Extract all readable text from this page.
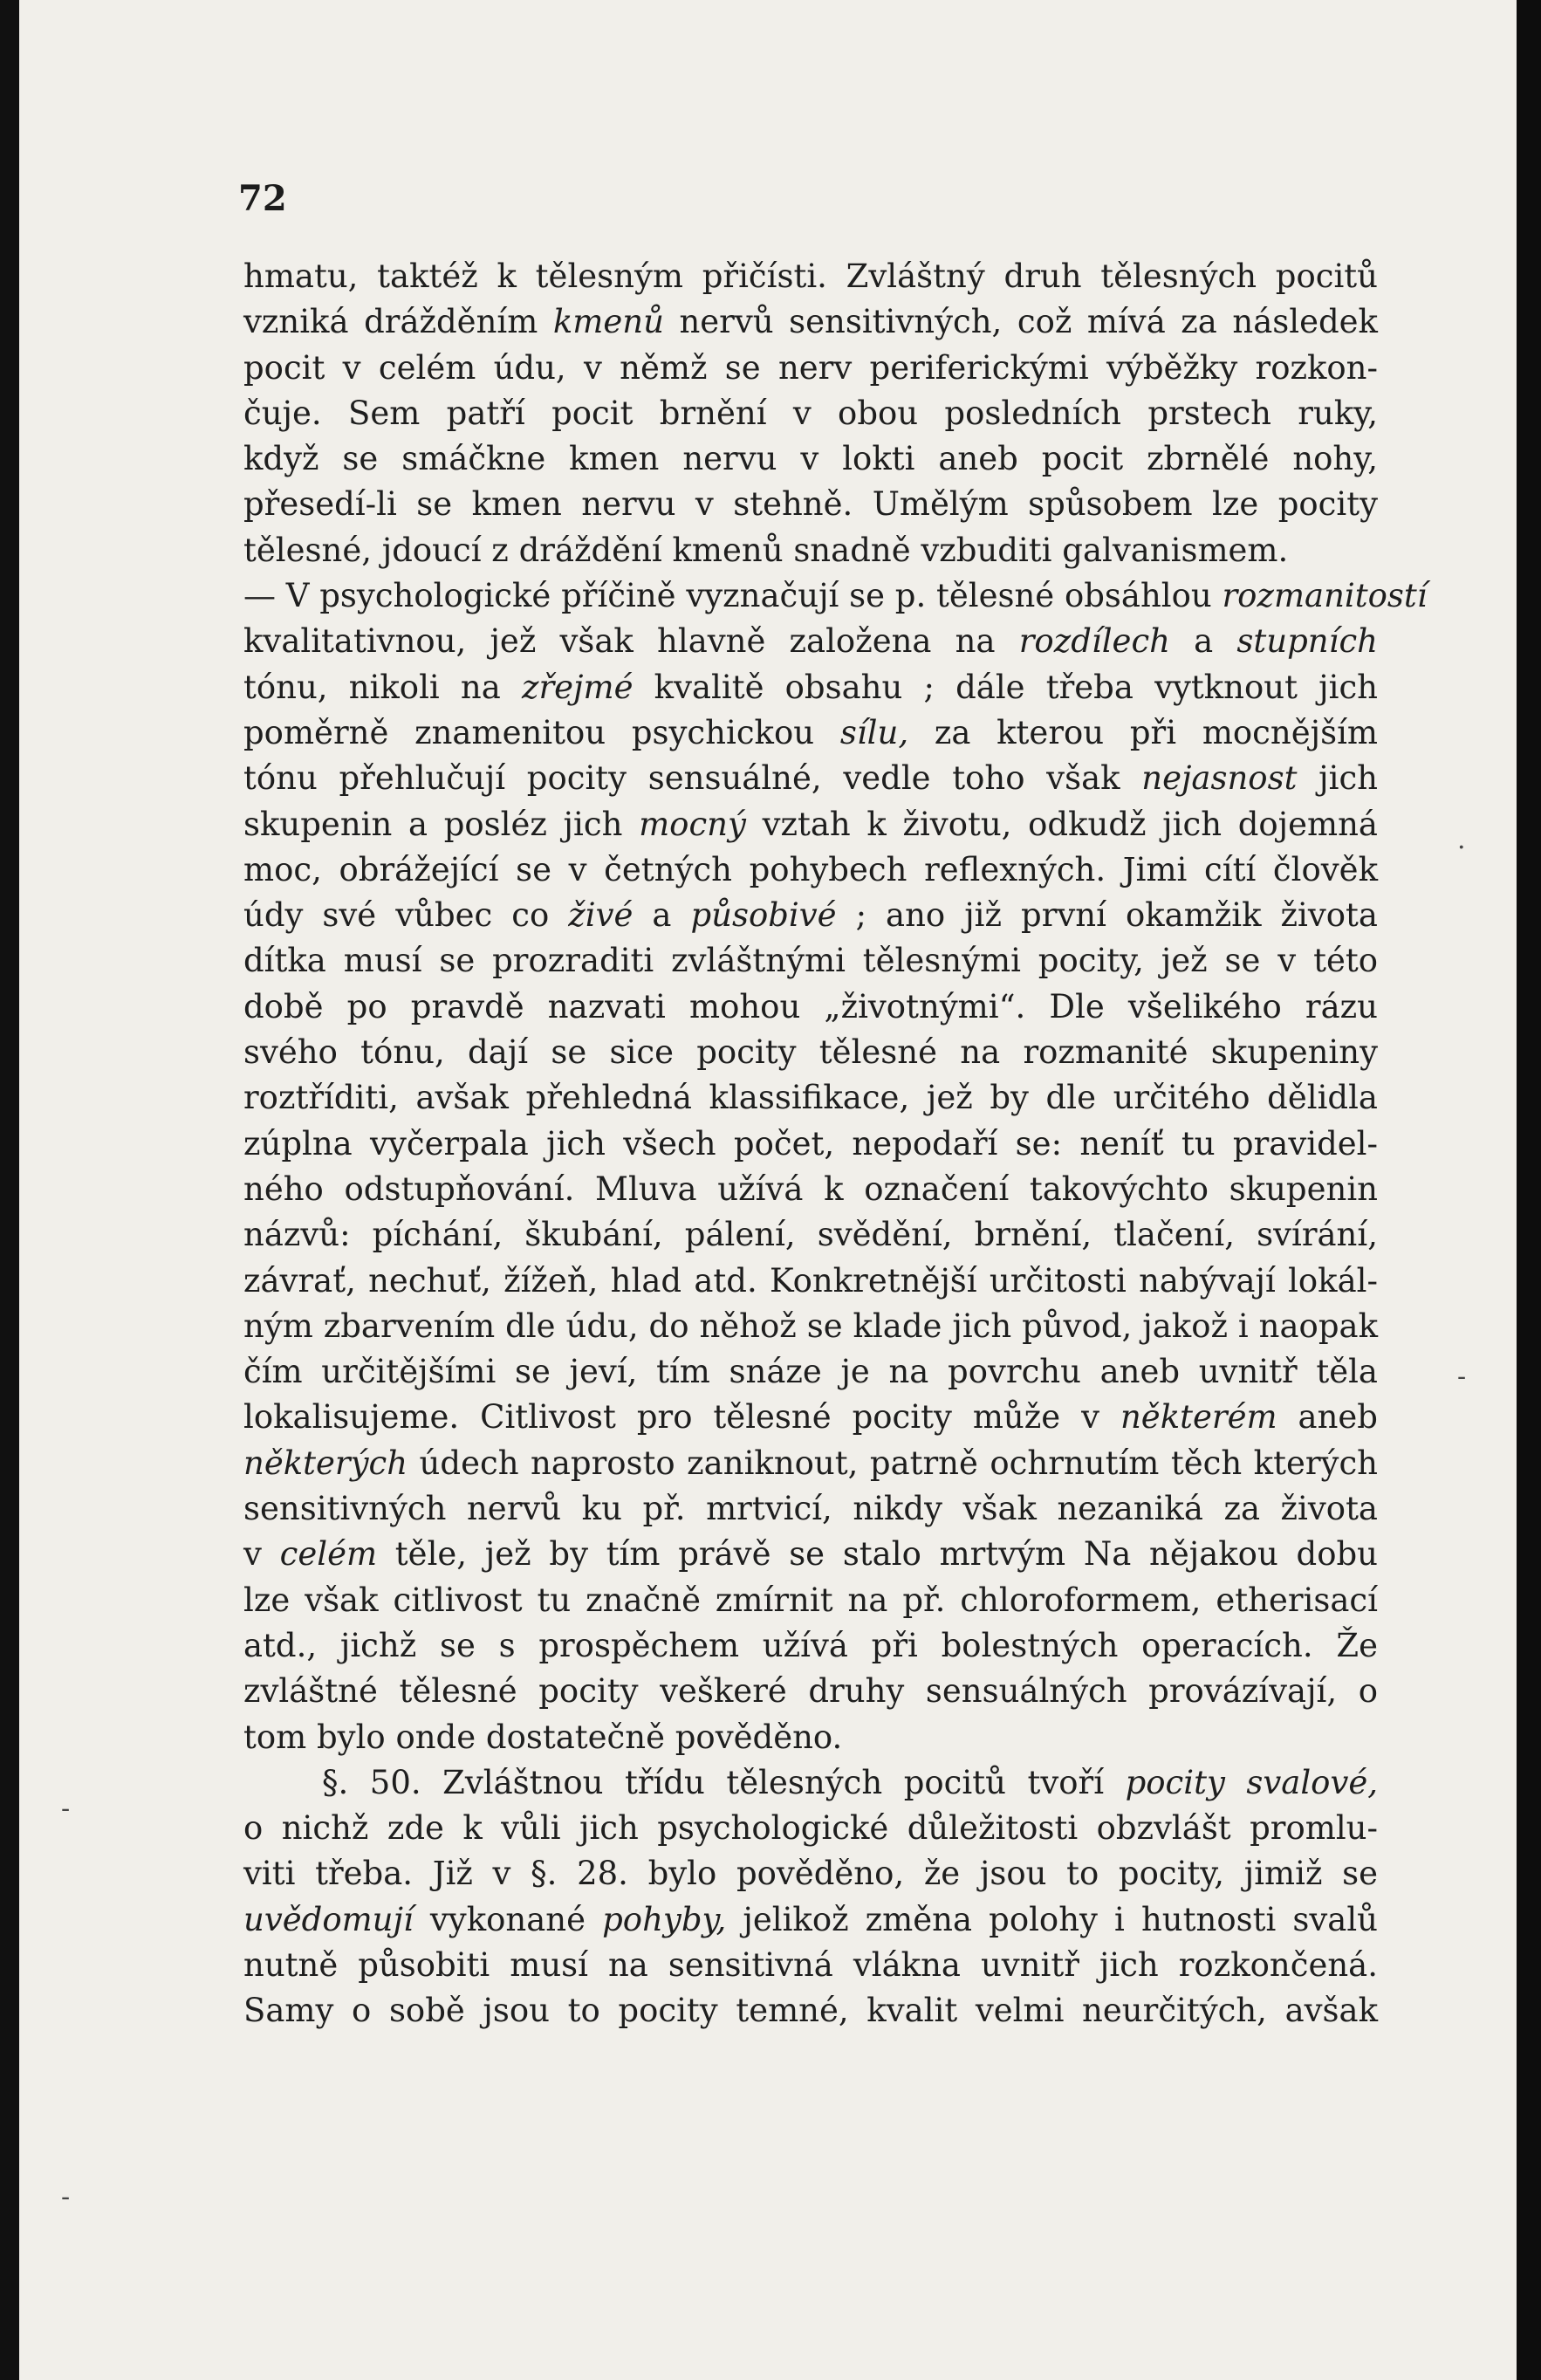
72
hmatu, taktéž k tělesným přičísti. Zvláštný druh tělesných pocitů
vzniká drážděním kmenů nervů sensitivných, což mívá za následek
pocit v celém údu, v němž se nerv periferickými výběžky rozkon-
čuje. Sem patří pocit brnění v obou posledních prstech ruky,
když se smáčkne kmen nervu v lokti aneb pocit zbrnělé nohy,
přesedí-li se kmen nervu v stehně. Umělým spůsobem lze pocity
tělesné, jdoucí z dráždění kmenů snadně vzbuditi galvanismem.
— V psychologické příčině vyznačují se p. tělesné obsáhlou rozmanitostí
kvalitativnou, jež však hlavně založena na rozdílech a stupních
tónu, nikoli na zřejmé kvalitě obsahu ; dále třeba vytknout jich
poměrně znamenitou psychickou sílu, za kterou při mocnějším
tónu přehlučují pocity sensuálné, vedle toho však nejasnost jich
skupenin a posléz jich mocný vztah k životu, odkudž jich dojemná
moc, obrážející se v četných pohybech reflexných. Jimi cítí člověk
údy své vůbec co živé a působivé ; ano již první okamžik života
dítka musí se prozraditi zvláštnými tělesnými pocity, jež se v této
době po pravdě nazvati mohou „životnými“. Dle všelikého rázu
svého tónu, dají se sice pocity tělesné na rozmanité skupeniny
roztříditi, avšak přehledná klassifikace, jež by dle určitého dělidla
zúplna vyčerpala jich všech počet, nepodaří se: neníť tu pravidel-
ného odstupňování. Mluva užívá k označení takovýchto skupenin
názvů: píchání, škubání, pálení, svědění, brnění, tlačení, svírání,
závrať, nechuť, žížeň, hlad atd. Konkretnější určitosti nabývají lokál-
ným zbarvením dle údu, do něhož se klade jich původ, jakož i naopak
čím určitějšími se jeví, tím snáze je na povrchu aneb uvnitř těla
lokalisujeme. Citlivost pro tělesné pocity může v některém aneb
některých údech naprosto zaniknout, patrně ochrnutím těch kterých
sensitivných nervů ku př. mrtvicí, nikdy však nezaniká za života
v celém těle, jež by tím právě se stalo mrtvým Na nějakou dobu
lze však citlivost tu značně zmírnit na př. chloroformem, etherisací
atd., jichž se s prospěchem užívá při bolestných operacích. Že
zvláštné tělesné pocity veškeré druhy sensuálných provázívají, o
tom bylo onde dostatečně pověděno.
§. 50. Zvláštnou třídu tělesných pocitů tvoří pocity svalové,
o nichž zde k vůli jich psychologické důležitosti obzvlášt promlu-
viti třeba. Již v §. 28. bylo pověděno, že jsou to pocity, jimiž se
uvědomují vykonané pohyby, jelikož změna polohy i hutnosti svalů
nutně působiti musí na sensitivná vlákna uvnitř jich rozkončená.
Samy o sobě jsou to pocity temné, kvalit velmi neurčitých, avšak
.
-
-
-
